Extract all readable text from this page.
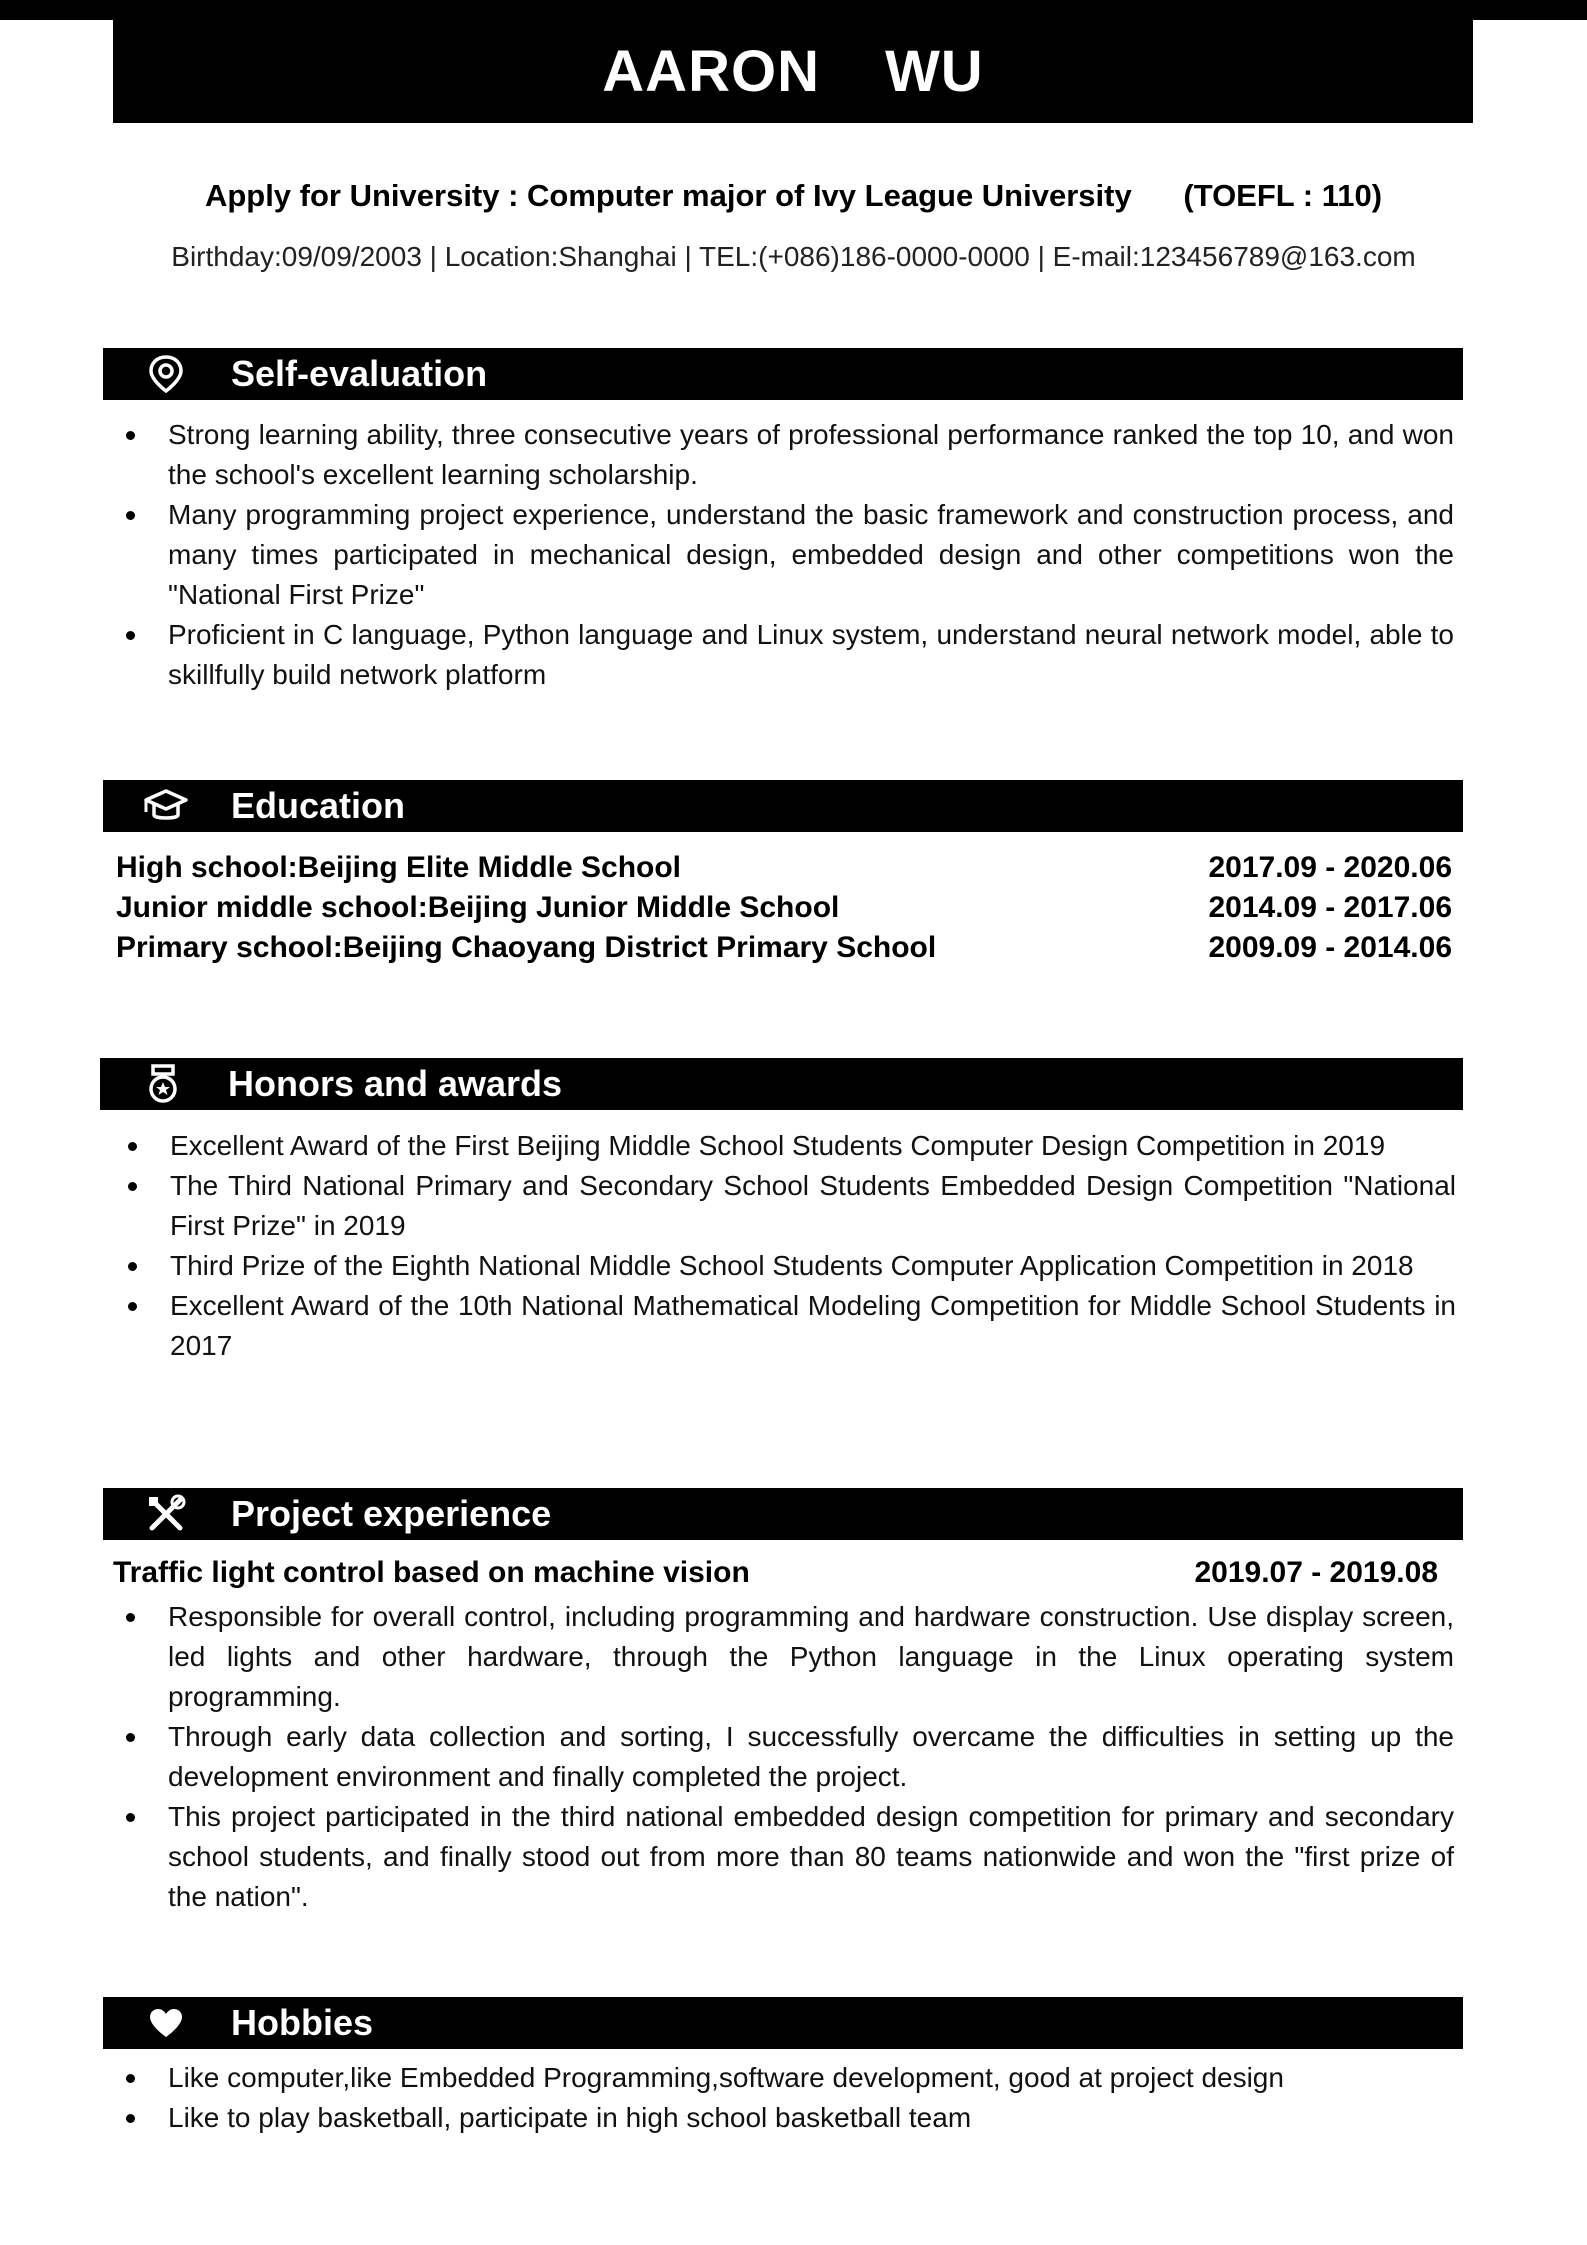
AARON WU
Apply for University : Computer major of Ivy League University      (TOEFL : 110)
Birthday:09/09/2003 | Location:Shanghai | TEL:(+086)186-0000-0000 | E-mail:123456789@163.com
Self-evaluation
Strong learning ability, three consecutive years of professional performance ranked the top 10, and won the school's excellent learning scholarship.
Many programming project experience, understand the basic framework and construction process, and many times participated in mechanical design, embedded design and other competitions won the "National First Prize"
Proficient in C language, Python language and Linux system, understand neural network model, able to skillfully build network platform
Education
High school:Beijing Elite Middle School	2017.09 - 2020.06
Junior middle school:Beijing Junior Middle School	2014.09 - 2017.06
Primary school:Beijing Chaoyang District Primary School	2009.09 - 2014.06
Honors and awards
Excellent Award of the First Beijing Middle School Students Computer Design Competition in 2019
The Third National Primary and Secondary School Students Embedded Design Competition "National First Prize" in 2019
Third Prize of the Eighth National Middle School Students Computer Application Competition in 2018
Excellent Award of the 10th National Mathematical Modeling Competition for Middle School Students in 2017
Project experience
Traffic light control based on machine vision	2019.07 - 2019.08
Responsible for overall control, including programming and hardware construction. Use display screen, led lights and other hardware, through the Python language in the Linux operating system programming.
Through early data collection and sorting, I successfully overcame the difficulties in setting up the development environment and finally completed the project.
This project participated in the third national embedded design competition for primary and secondary school students, and finally stood out from more than 80 teams nationwide and won the "first prize of the nation".
Hobbies
Like computer,like Embedded Programming,software development, good at project design
Like to play basketball, participate in high school basketball team
